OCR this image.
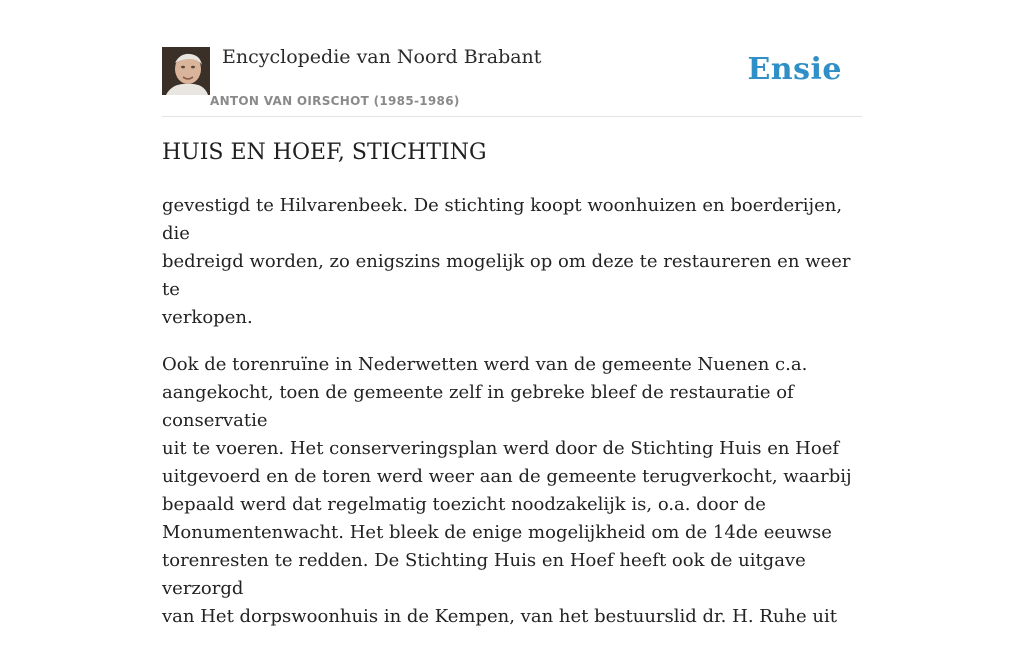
Encyclopedie van Noord Brabant
ANTON VAN OIRSCHOT (1985-1986)
Ensie
HUIS EN HOEF, STICHTING

gevestigd te Hilvarenbeek. De stichting koopt woonhuizen en boerderijen, die
bedreigd worden, zo enigszins mogelijk op om deze te restaureren en weer te
verkopen.

Ook de torenruïne in Nederwetten werd van de gemeente Nuenen c.a.
aangekocht, toen de gemeente zelf in gebreke bleef de restauratie of conservatie
uit te voeren. Het conserveringsplan werd door de Stichting Huis en Hoef
uitgevoerd en de toren werd weer aan de gemeente terugverkocht, waarbij
bepaald werd dat regelmatig toezicht noodzakelijk is, o.a. door de
Monumentenwacht. Het bleek de enige mogelijkheid om de 14de eeuwse
torenresten te redden. De Stichting Huis en Hoef heeft ook de uitgave verzorgd
van Het dorpswoonhuis in de Kempen, van het bestuurslid dr. H. Ruhe uit
